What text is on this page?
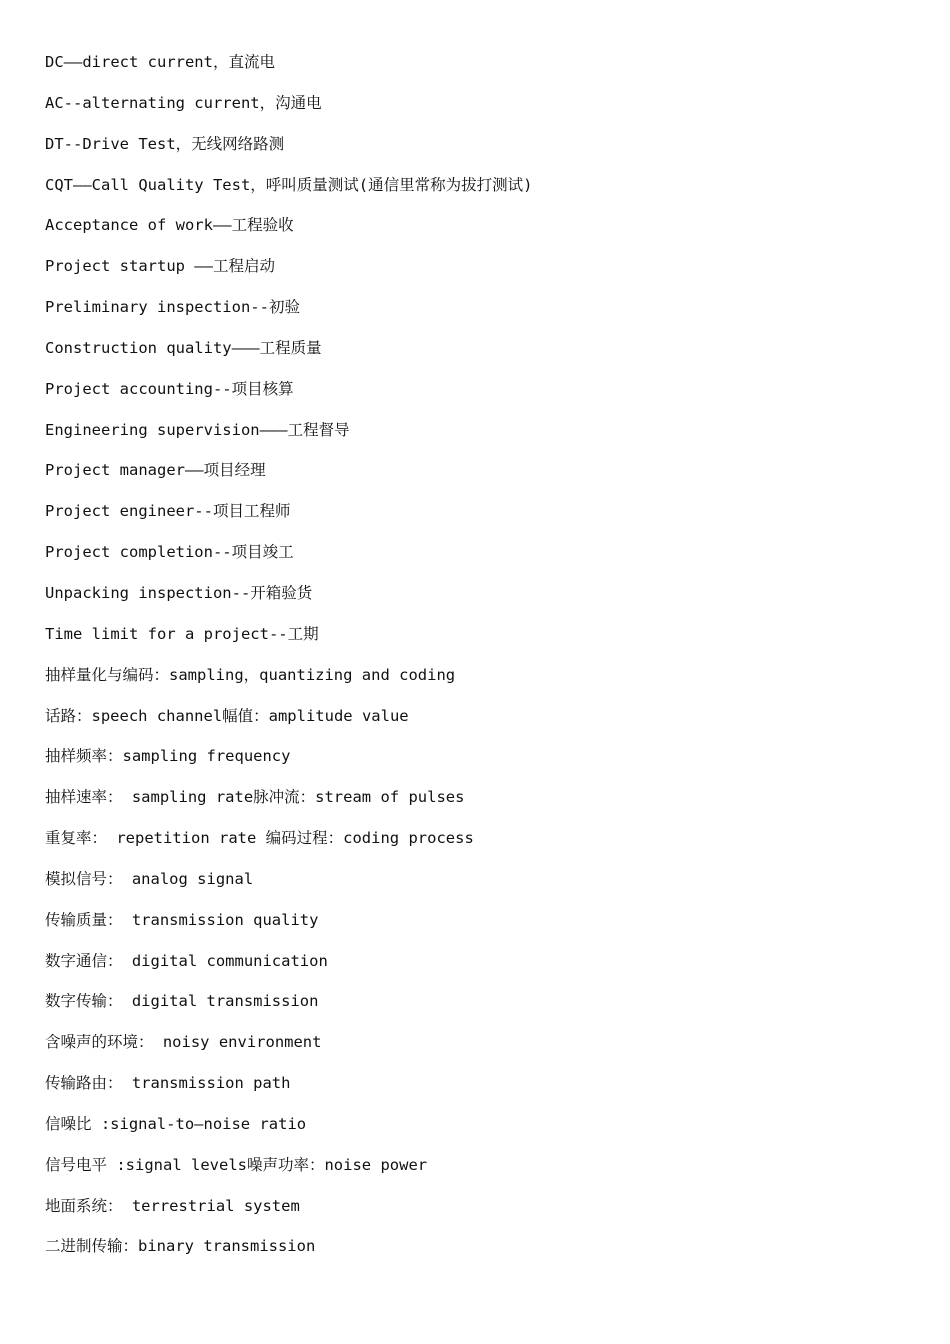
DC——direct current，直流电
AC--alternating current，沟通电
DT--Drive Test，无线网络路测
CQT——Call Quality Test，呼叫质量测试(通信里常称为拔打测试)
Acceptance of work——工程验收
Project startup ——工程启动
Preliminary inspection--初验
Construction quality———工程质量
Project accounting--项目核算
Engineering supervision———工程督导
Project manager——项目经理
Project engineer--项目工程师
Project completion--项目竣工
Unpacking inspection--开箱验货
Time limit for a project--工期
抽样量化与编码：sampling，quantizing and coding
话路：speech channel幅值：amplitude value
抽样频率：sampling frequency
抽样速率： sampling rate脉冲流：stream of pulses
重复率： repetition rate 编码过程：coding process
模拟信号： analog signal
传输质量： transmission quality
数字通信： digital communication
数字传输： digital transmission
含噪声的环境： noisy environment
传输路由： transmission path
信噪比 :signal-to—noise ratio
信号电平 :signal levels噪声功率：noise power
地面系统： terrestrial system
二进制传输：binary transmission
